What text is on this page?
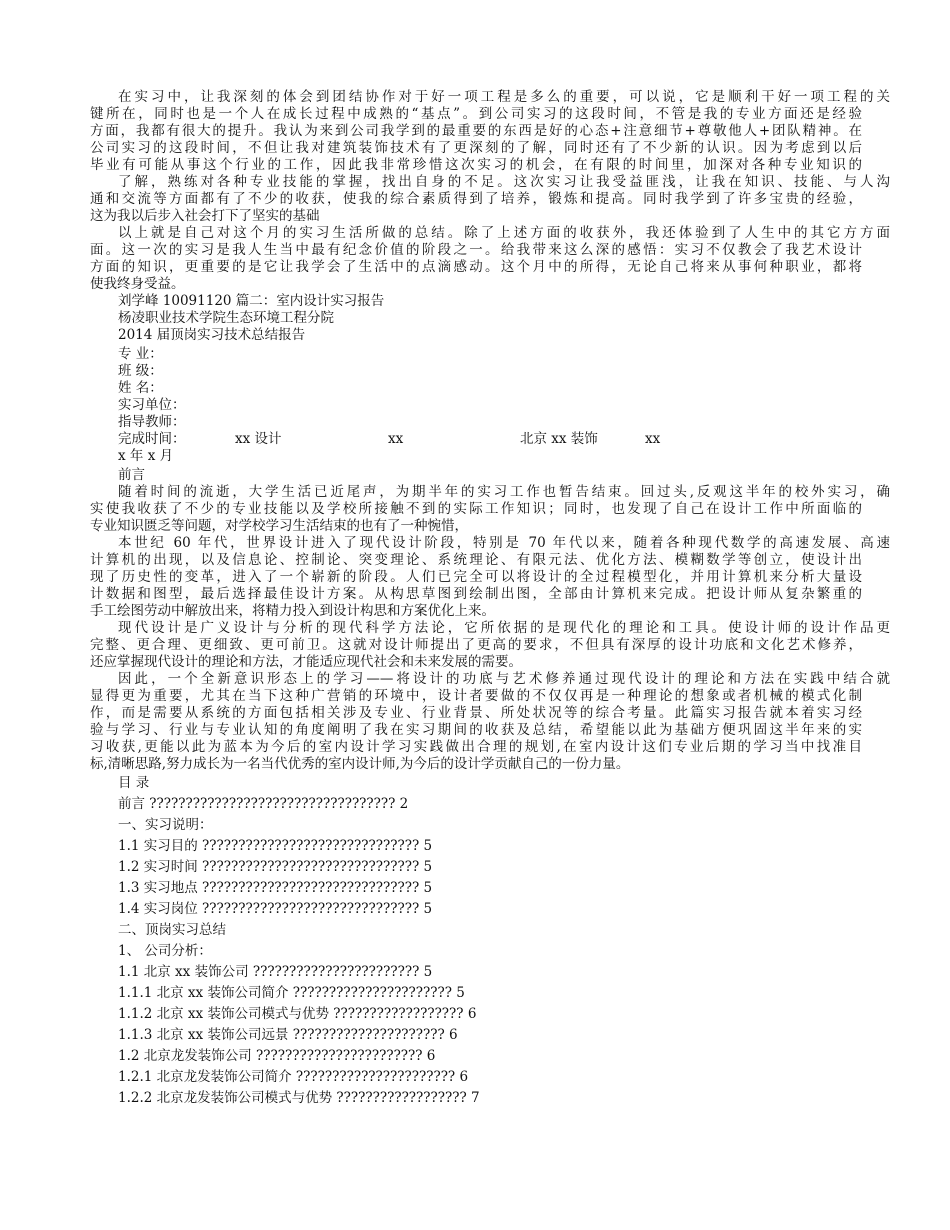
在实习中，让我深刻的体会到团结协作对于好一项工程是多么的重要，可以说，它是顺利干好一项工程的关
键所在，同时也是一个人在成长过程中成熟的“基点”。到公司实习的这段时间，不管是我的专业方面还是经验
方面，我都有很大的提升。我认为来到公司我学到的最重要的东西是好的心态+注意细节+尊敬他人+团队精神。在
公司实习的这段时间，不但让我对建筑装饰技术有了更深刻的了解，同时还有了不少新的认识。因为考虑到以后
毕业有可能从事这个行业的工作，因此我非常珍惜这次实习的机会，在有限的时间里，加深对各种专业知识的
了解，熟练对各种专业技能的掌握，找出自身的不足。这次实习让我受益匪浅，让我在知识、技能、与人沟
通和交流等方面都有了不少的收获，使我的综合素质得到了培养，锻炼和提高。同时我学到了许多宝贵的经验，
这为我以后步入社会打下了坚实的基础
以上就是自己对这个月的实习生活所做的总结。除了上述方面的收获外，我还体验到了人生中的其它方方面
面。这一次的实习是我人生当中最有纪念价值的阶段之一。给我带来这么深的感悟：实习不仅教会了我艺术设计
方面的知识，更重要的是它让我学会了生活中的点滴感动。这个月中的所得，无论自己将来从事何种职业，都将
使我终身受益。
刘学峰 10091120 篇二：室内设计实习报告
杨凌职业技术学院生态环境工程分院
2014 届顶岗实习技术总结报告
专 业：
班 级：
姓 名：
实习单位：
指导教师：
完成时间：	xx 设计	xx	北京 xx 装饰	xx
x 年 x 月
前言
随着时间的流逝，大学生活已近尾声，为期半年的实习工作也暂告结束。回过头,反观这半年的校外实习，确
实使我收获了不少的专业技能以及学校所接触不到的实际工作知识；同时，也发现了自己在设计工作中所面临的
专业知识匮乏等问题，对学校学习生活结束的也有了一种惋惜，
本世纪 60 年代，世界设计进入了现代设计阶段，特别是 70 年代以来，随着各种现代数学的高速发展、高速
计算机的出现，以及信息论、控制论、突变理论、系统理论、有限元法、优化方法、模糊数学等创立，使设计出
现了历史性的变革，进入了一个崭新的阶段。人们已完全可以将设计的全过程模型化，并用计算机来分析大量设
计数据和图型，最后选择最佳设计方案。从构思草图到绘制出图，全部由计算机来完成。把设计师从复杂繁重的
手工绘图劳动中解放出来，将精力投入到设计构思和方案优化上来。
现代设计是广义设计与分析的现代科学方法论，它所依据的是现代化的理论和工具。使设计师的设计作品更
完整、更合理、更细致、更可前卫。这就对设计师提出了更高的要求，不但具有深厚的设计功底和文化艺术修养，
还应掌握现代设计的理论和方法，才能适应现代社会和未来发展的需要。
因此，一个全新意识形态上的学习——将设计的功底与艺术修养通过现代设计的理论和方法在实践中结合就
显得更为重要，尤其在当下这种广营销的环境中，设计者要做的不仅仅再是一种理论的想象或者机械的模式化制
作，而是需要从系统的方面包括相关涉及专业、行业背景、所处状况等的综合考量。此篇实习报告就本着实习经
验与学习、行业与专业认知的角度阐明了我在实习期间的收获及总结，希望能以此为基础方便巩固这半年来的实
习收获,更能以此为蓝本为今后的室内设计学习实践做出合理的规划,在室内设计这们专业后期的学习当中找准目
标,清晰思路,努力成长为一名当代优秀的室内设计师,为今后的设计学贡献自己的一份力量。
目 录
前言 ?????????????????????????????????? 2
一、实习说明：
1.1 实习目的 ?????????????????????????????? 5
1.2 实习时间 ?????????????????????????????? 5
1.3 实习地点 ?????????????????????????????? 5
1.4 实习岗位 ?????????????????????????????? 5
二、顶岗实习总结
1、 公司分析：
1.1 北京 xx 装饰公司 ??????????????????????? 5
1.1.1 北京 xx 装饰公司简介 ?????????????????????? 5
1.1.2 北京 xx 装饰公司模式与优势 ?????????????????? 6
1.1.3 北京 xx 装饰公司远景 ????????????????????? 6
1.2 北京龙发装饰公司 ??????????????????????? 6
1.2.1 北京龙发装饰公司简介 ?????????????????????? 6
1.2.2 北京龙发装饰公司模式与优势 ?????????????????? 7
